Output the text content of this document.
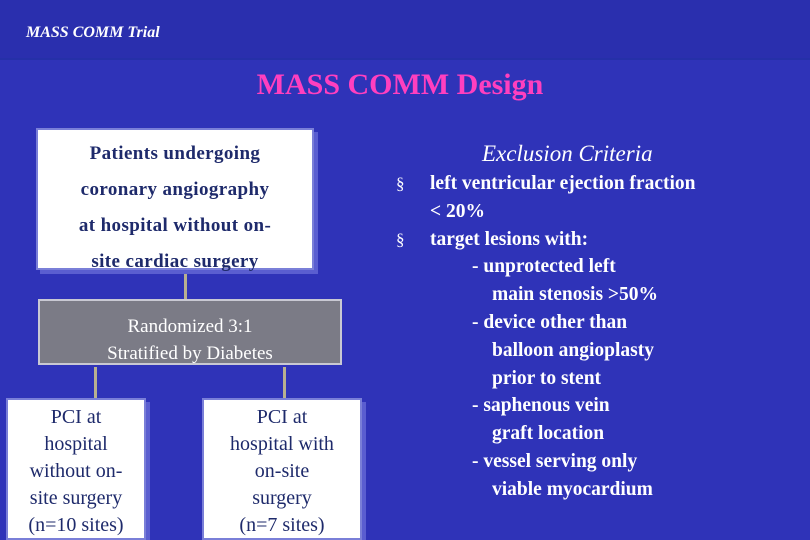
MASS COMM Trial
MASS COMM Design
Patients undergoing
coronary angiography
at hospital without on-
site cardiac surgery
Randomized 3:1
Stratified by Diabetes
PCI at
hospital
without on-
site surgery
(n=10 sites)
PCI at
hospital with
on-site
surgery
(n=7 sites)
Exclusion Criteria
§ left ventricular ejection fraction
< 20%
§ target lesions with:
- unprotected left
main stenosis >50%
- device other than
balloon angioplasty
prior to stent
- saphenous vein
graft location
- vessel serving only
viable myocardium
